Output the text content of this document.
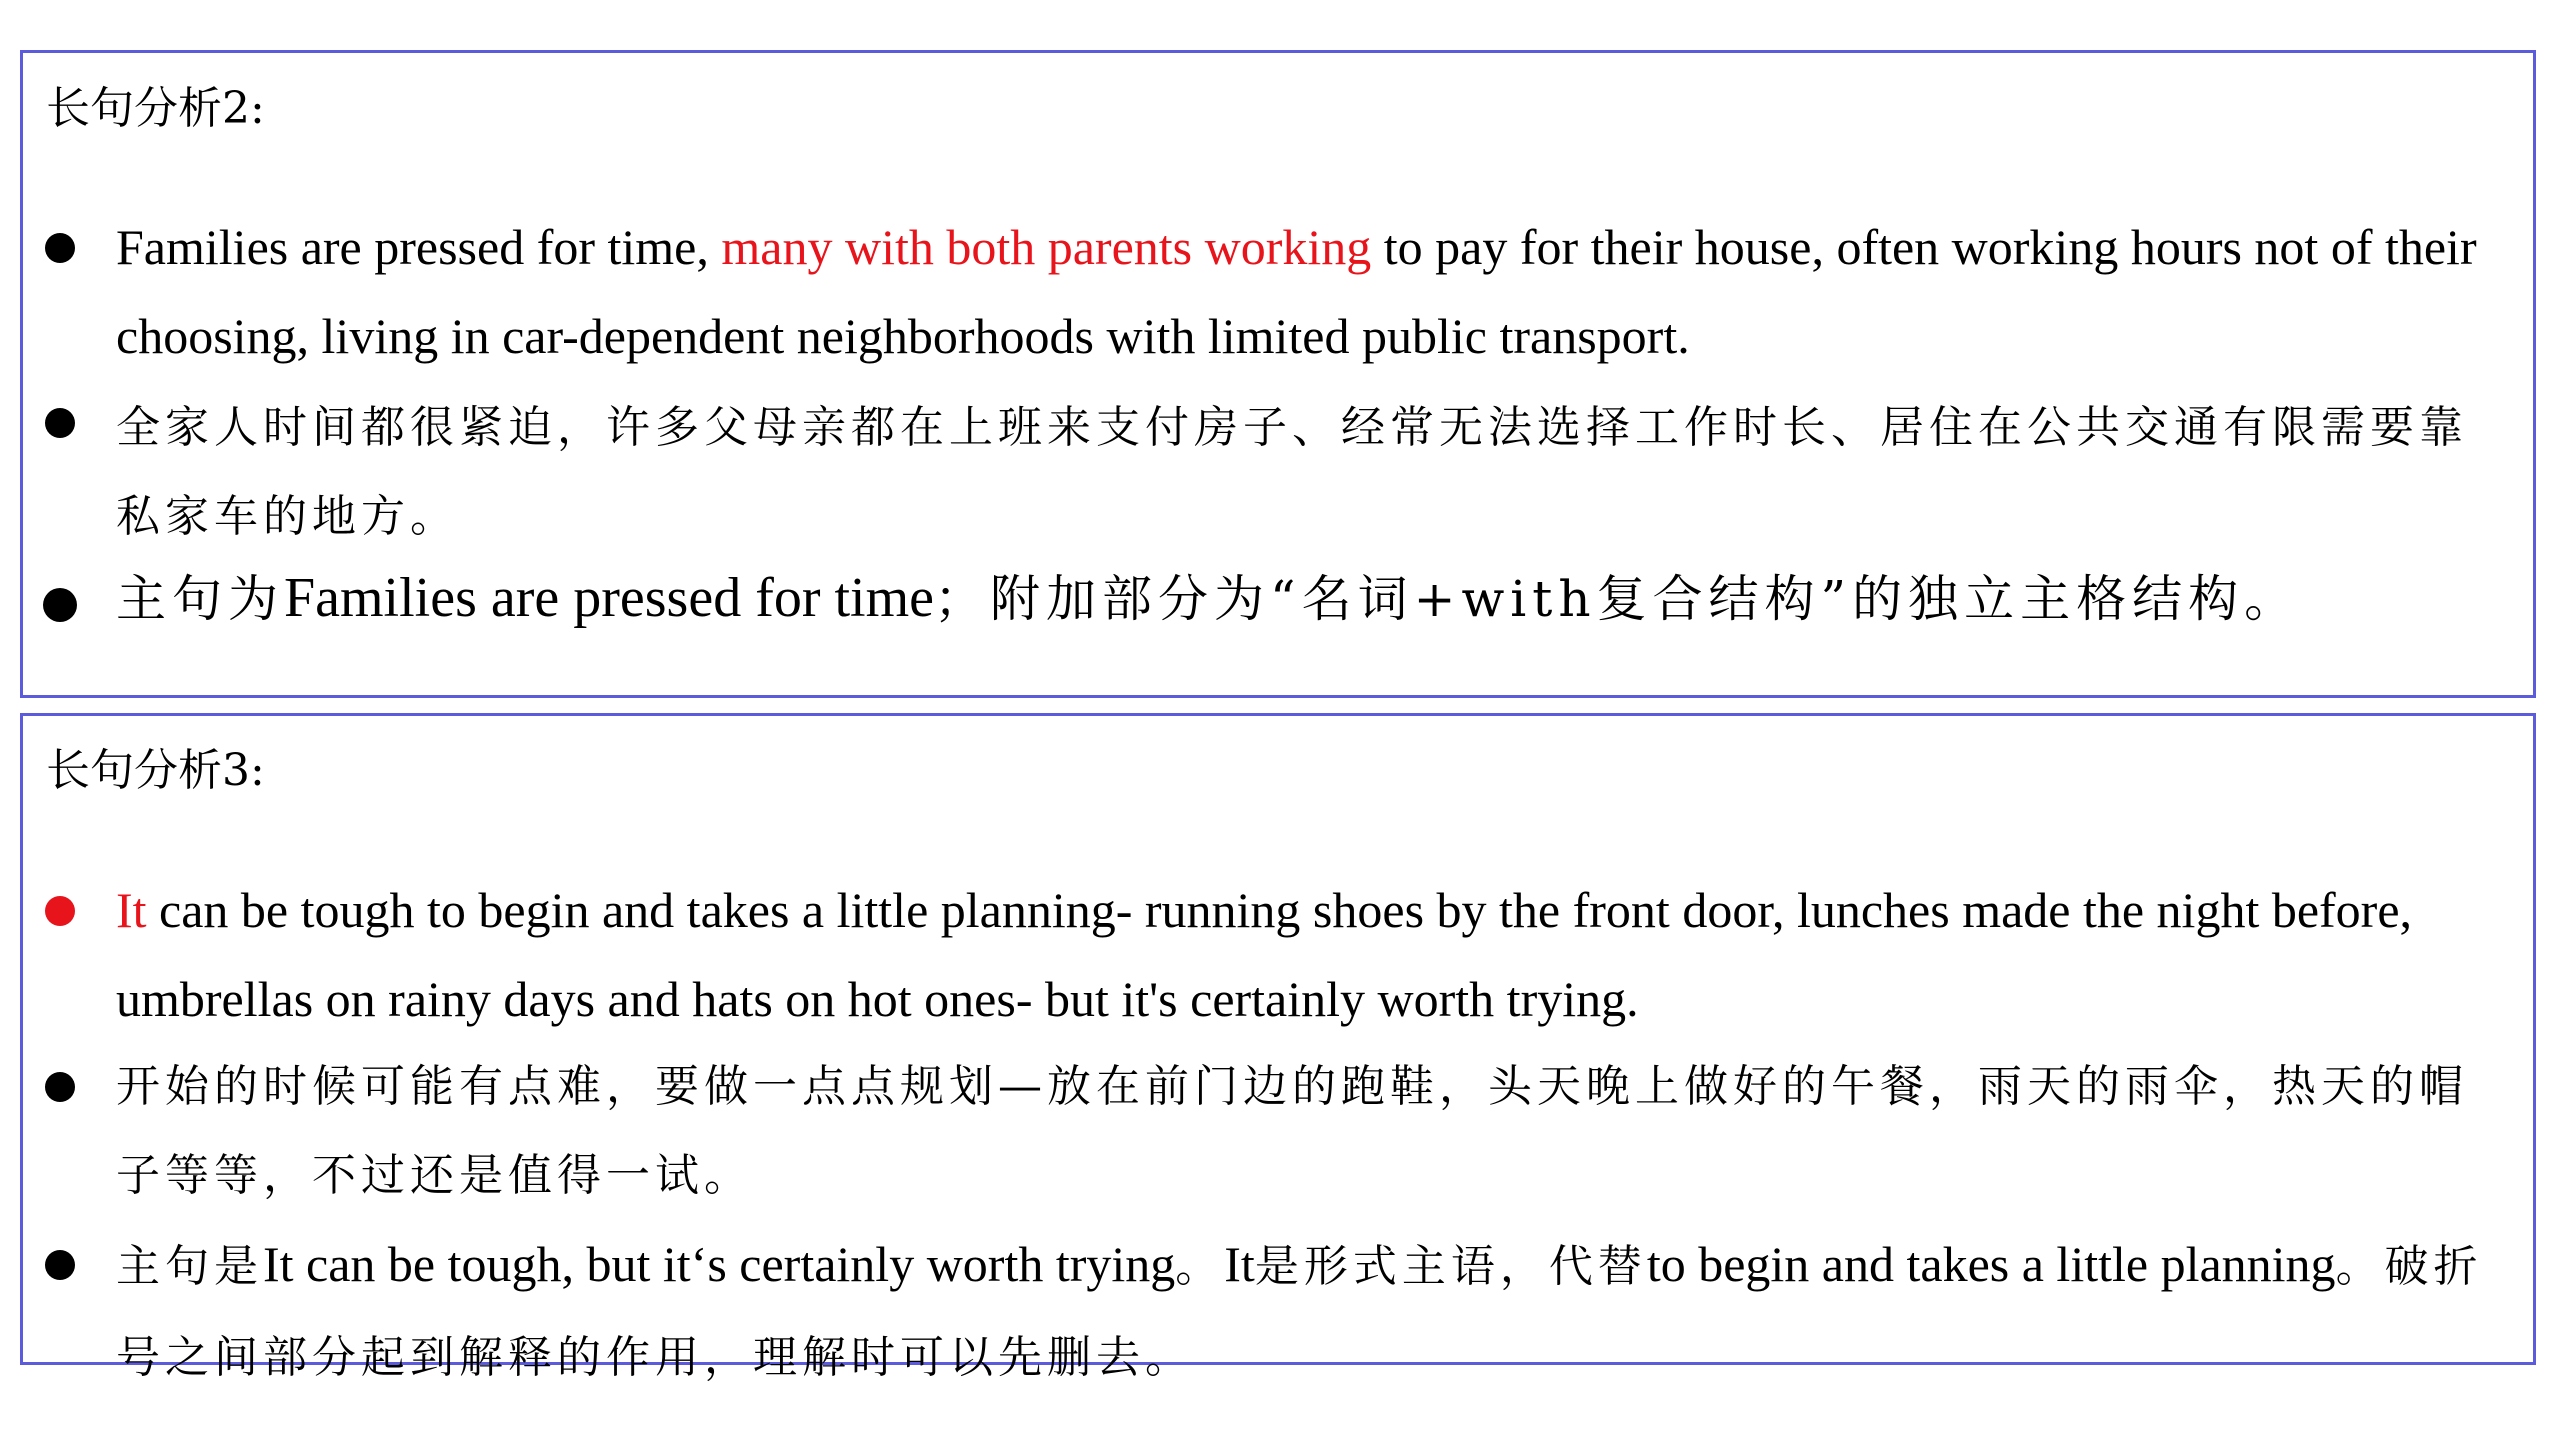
长句分析2:
Families are pressed for time, many with both parents working to pay for their house, often working hours not of their choosing, living in car-dependent neighborhoods with limited public transport.
全家人时间都很紧迫，许多父母亲都在上班来支付房子、经常无法选择工作时长、居住在公共交通有限需要靠私家车的地方。
主句为Families are pressed for time；附加部分为“名词+with复合结构”的独立主格结构。
长句分析3:
It can be tough to begin and takes a little planning- running shoes by the front door, lunches made the night before, umbrellas on rainy days and hats on hot ones- but it's certainly worth trying.
开始的时候可能有点难，要做一点点规划—放在前门边的跑鞋，头天晚上做好的午餐，雨天的雨伞，热天的帽子等等，不过还是值得一试。
主句是It can be tough, but it‘s certainly worth trying。It是形式主语，代替to begin and takes a little planning。破折号之间部分起到解释的作用，理解时可以先删去。
